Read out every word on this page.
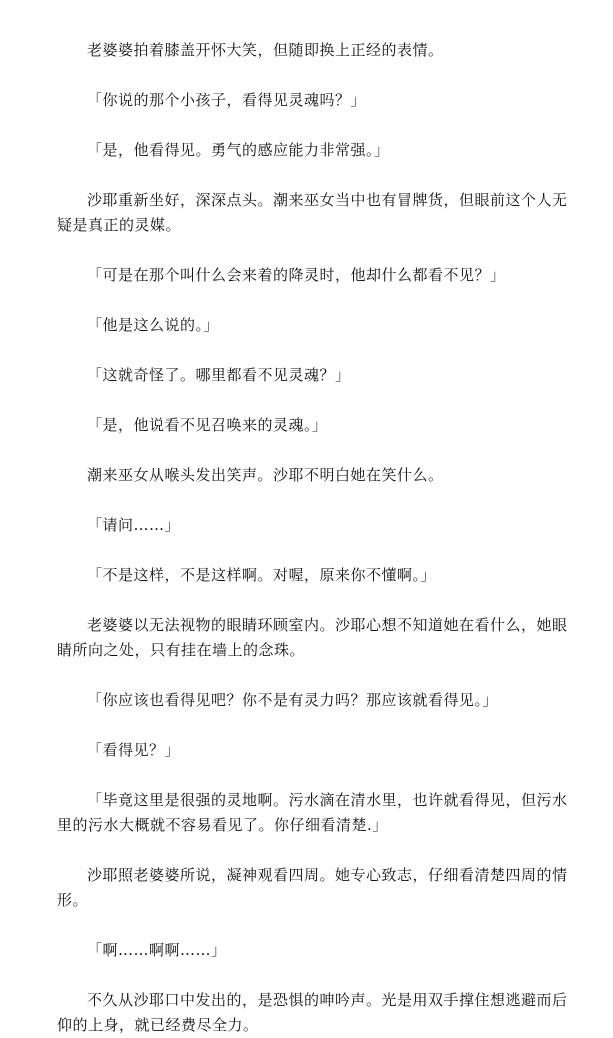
老婆婆拍着膝盖开怀大笑，但随即换上正经的表情。

「你说的那个小孩子，看得见灵魂吗？」

「是，他看得见。勇气的感应能力非常强。」

沙耶重新坐好，深深点头。潮来巫女当中也有冒牌货，但眼前这个人无疑是真正的灵媒。

「可是在那个叫什么会来着的降灵时，他却什么都看不见？」

「他是这么说的。」

「这就奇怪了。哪里都看不见灵魂？」

「是，他说看不见召唤来的灵魂。」

潮来巫女从喉头发出笑声。沙耶不明白她在笑什么。

「请问……」

「不是这样，不是这样啊。对喔，原来你不懂啊。」

老婆婆以无法视物的眼睛环顾室内。沙耶心想不知道她在看什么，她眼睛所向之处，只有挂在墙上的念珠。

「你应该也看得见吧？你不是有灵力吗？那应该就看得见。」

「看得见？」

「毕竟这里是很强的灵地啊。污水滴在清水里，也许就看得见，但污水里的污水大概就不容易看见了。你仔细看清楚.」

沙耶照老婆婆所说，凝神观看四周。她专心致志，仔细看清楚四周的情形。

「啊……啊啊……」

不久从沙耶口中发出的，是恐惧的呻吟声。光是用双手撑住想逃避而后仰的上身，就已经费尽全力。
